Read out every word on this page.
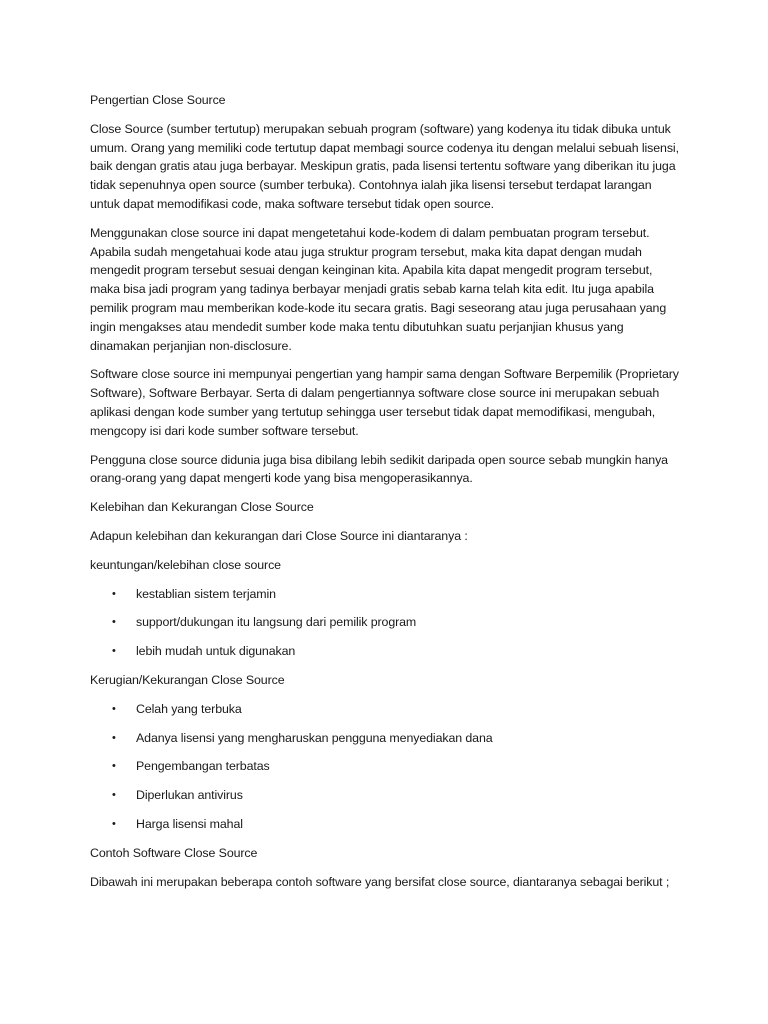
Pengertian Close Source

Close Source (sumber tertutup) merupakan sebuah program (software) yang kodenya itu tidak dibuka untuk umum. Orang yang memiliki code tertutup dapat membagi source codenya itu dengan melalui sebuah lisensi, baik dengan gratis atau juga berbayar. Meskipun gratis, pada lisensi tertentu software yang diberikan itu juga tidak sepenuhnya open source (sumber terbuka). Contohnya ialah jika lisensi tersebut terdapat larangan untuk dapat memodifikasi code, maka software tersebut tidak open source.

Menggunakan close source ini dapat mengetetahui kode-kodem di dalam pembuatan program tersebut. Apabila sudah mengetahuai kode atau juga struktur program tersebut, maka kita dapat dengan mudah mengedit program tersebut sesuai dengan keinginan kita. Apabila kita dapat mengedit program tersebut, maka bisa jadi program yang tadinya berbayar menjadi gratis sebab karna telah kita edit. Itu juga apabila pemilik program mau memberikan kode-kode itu secara gratis. Bagi seseorang atau juga perusahaan yang ingin mengakses atau mendedit sumber kode maka tentu dibutuhkan suatu perjanjian khusus yang dinamakan perjanjian non-disclosure.

Software close source ini mempunyai pengertian yang hampir sama dengan Software Berpemilik (Proprietary Software), Software Berbayar. Serta di dalam pengertiannya software close source ini merupakan sebuah aplikasi dengan kode sumber yang tertutup sehingga user tersebut tidak dapat memodifikasi, mengubah, mengcopy isi dari kode sumber software tersebut.

Pengguna close source didunia juga bisa dibilang lebih sedikit daripada open source sebab mungkin hanya orang-orang yang dapat mengerti kode yang bisa mengoperasikannya.

Kelebihan dan Kekurangan Close Source

Adapun kelebihan dan kekurangan dari Close Source ini diantaranya :

keuntungan/kelebihan close source

• kestablian sistem terjamin
• support/dukungan itu langsung dari pemilik program
• lebih mudah untuk digunakan

Kerugian/Kekurangan Close Source

• Celah yang terbuka
• Adanya lisensi yang mengharuskan pengguna menyediakan dana
• Pengembangan terbatas
• Diperlukan antivirus
• Harga lisensi mahal

Contoh Software Close Source

Dibawah ini merupakan beberapa contoh software yang bersifat close source, diantaranya sebagai berikut ;
